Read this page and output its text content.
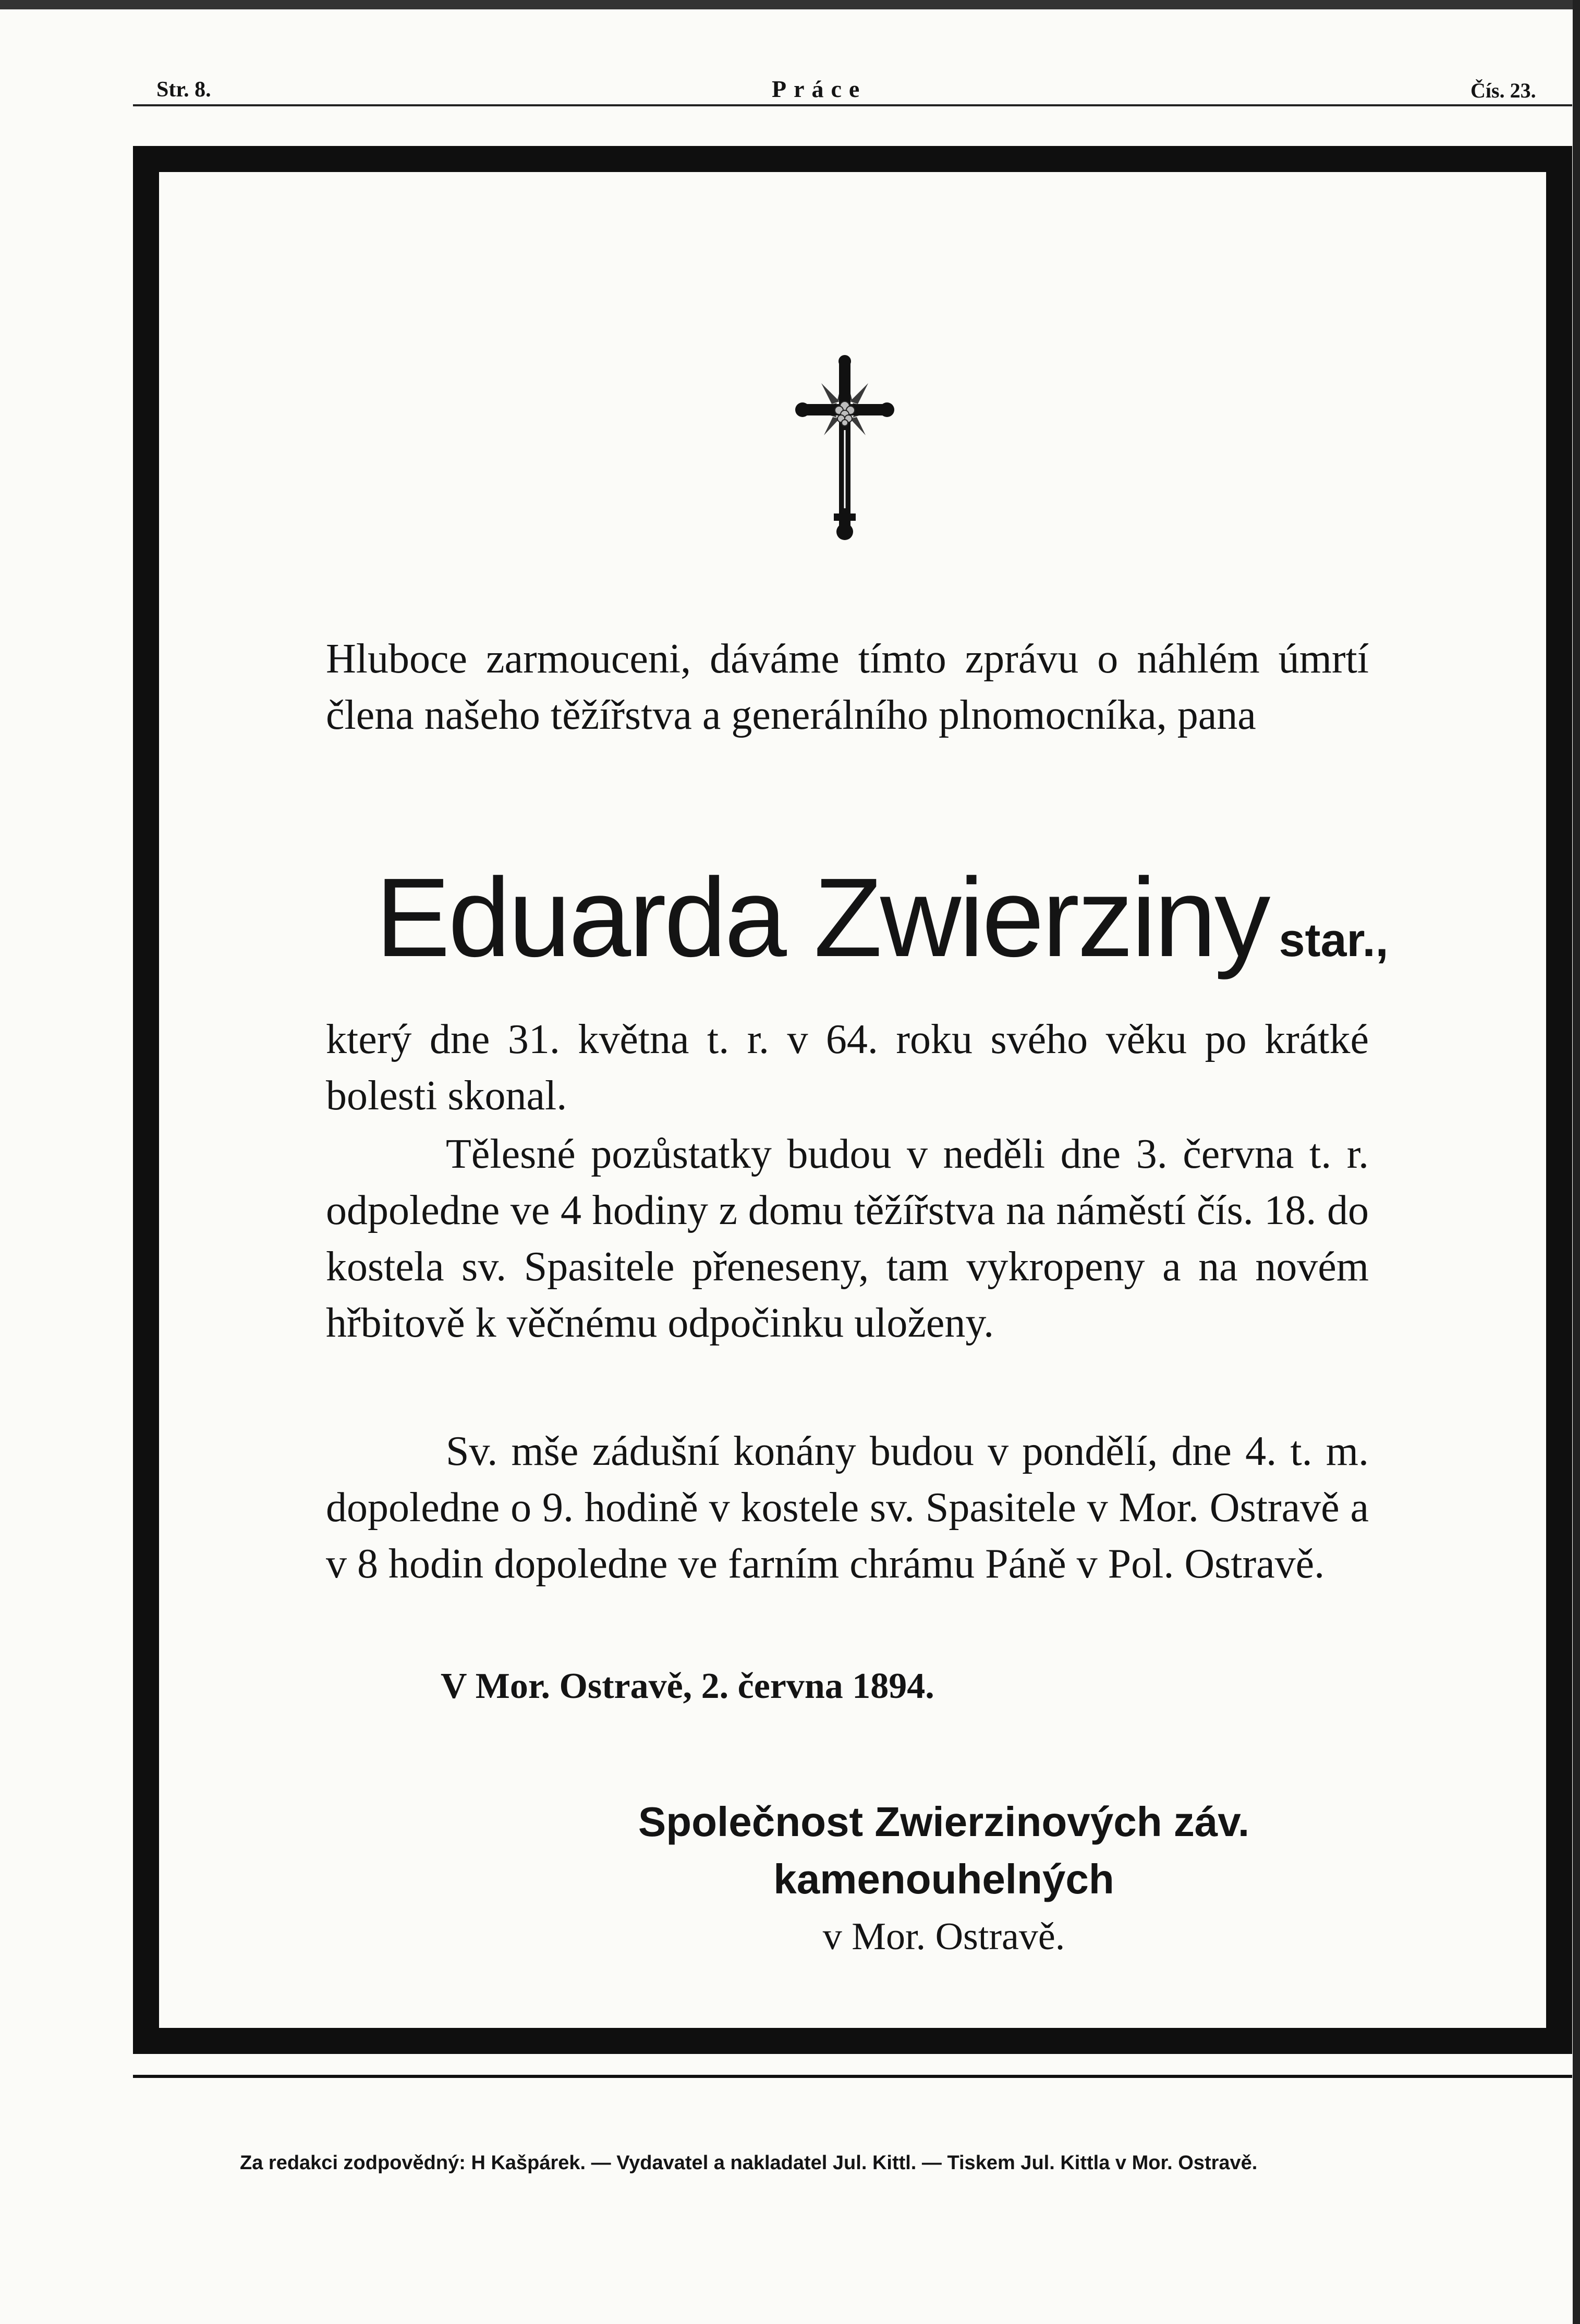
Str. 8.	Práce	Čís. 23.

Hluboce zarmouceni, dáváme tímto zprávu o náhlém úmrtí člena našeho těžířstva a generálního plnomocníka, pana

Eduarda Zwierziny star.,

který dne 31. května t. r. v 64. roku svého věku po krátké bolesti skonal.

Tělesné pozůstatky budou v neděli dne 3. června t. r. odpoledne ve 4 hodiny z domu těžířstva na náměstí čís. 18. do kostela sv. Spasitele přeneseny, tam vykropeny a na novém hřbitově k věčnému odpočinku uloženy.

Sv. mše zádušní konány budou v pondělí, dne 4. t. m. dopoledne o 9. hodině v kostele sv. Spasitele v Mor. Ostravě a v 8 hodin dopoledne ve farním chrámu Páně v Pol. Ostravě.

V Mor. Ostravě, 2. června 1894.
Společnost Zwierzinových záv. kamenouhelných
v Mor. Ostravě.
Za redakci zodpovědný: H Kašpárek. — Vydavatel a nakladatel Jul. Kittl. — Tiskem Jul. Kittla v Mor. Ostravě.
